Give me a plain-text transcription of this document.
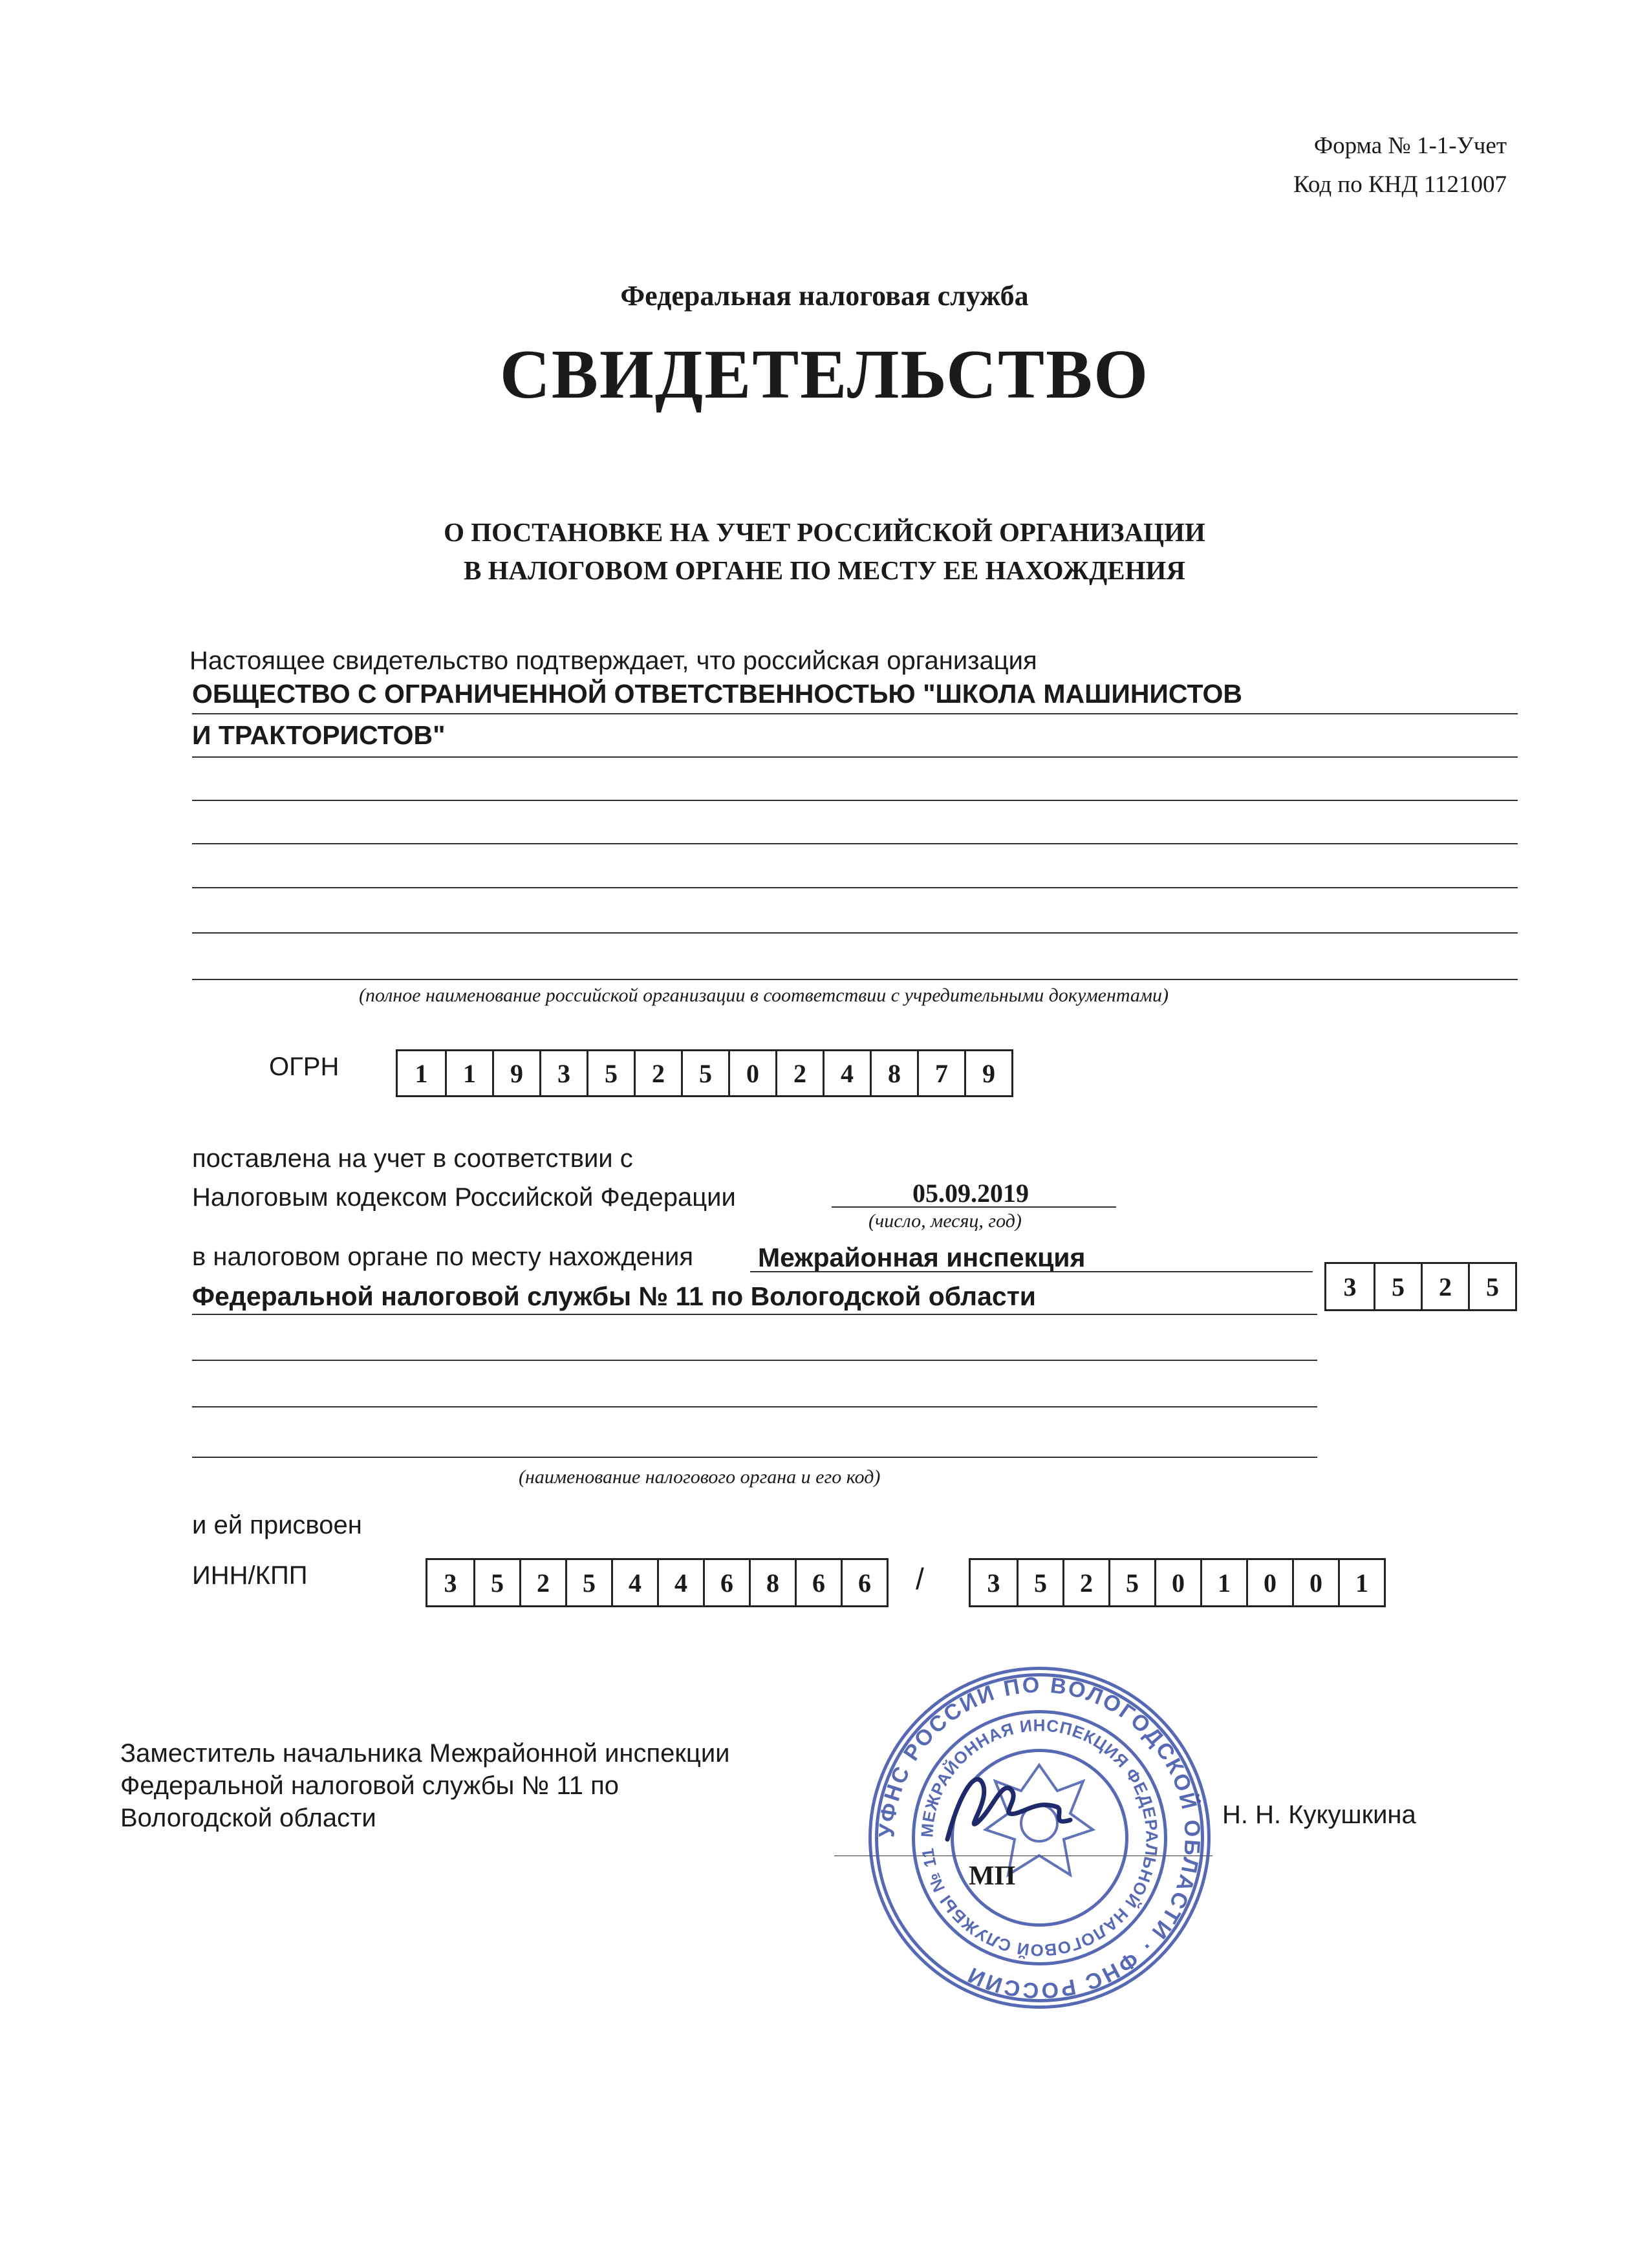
Форма № 1-1-Учет
Код по КНД 1121007
Федеральная налоговая служба
СВИДЕТЕЛЬСТВО
О ПОСТАНОВКЕ НА УЧЕТ РОССИЙСКОЙ ОРГАНИЗАЦИИ
В НАЛОГОВОМ ОРГАНЕ ПО МЕСТУ ЕЕ НАХОЖДЕНИЯ
Настоящее свидетельство подтверждает, что российская организация
ОБЩЕСТВО С ОГРАНИЧЕННОЙ ОТВЕТСТВЕННОСТЬЮ "ШКОЛА МАШИНИСТОВ
И ТРАКТОРИСТОВ"
(полное наименование российской организации в соответствии с учредительными документами)
ОГРН	1	1	9	3	5	2	5	0	2	4	8	7	9
поставлена на учет в соответствии с
Налоговым кодексом Российской Федерации	05.09.2019
(число, месяц, год)
в налоговом органе по месту нахождения Межрайонная инспекция
Федеральной налоговой службы № 11 по Вологодской области	3	5	2	5
(наименование налогового органа и его код)
и ей присвоен
ИНН/КПП	3	5	2	5	4	4	6	8	6	6	/	3	5	2	5	0	1	0	0	1
Заместитель начальника Межрайонной инспекции
Федеральной налоговой службы № 11 по
Вологодской области	Н. Н. Кукушкина
УФНС РОССИИ ПО ВОЛОГОДСКОЙ ОБЛАСТИ · ФНС РОССИИ
МЕЖРАЙОННАЯ ИНСПЕКЦИЯ ФЕДЕРАЛЬНОЙ НАЛОГОВОЙ СЛУЖБЫ № 11
МП
